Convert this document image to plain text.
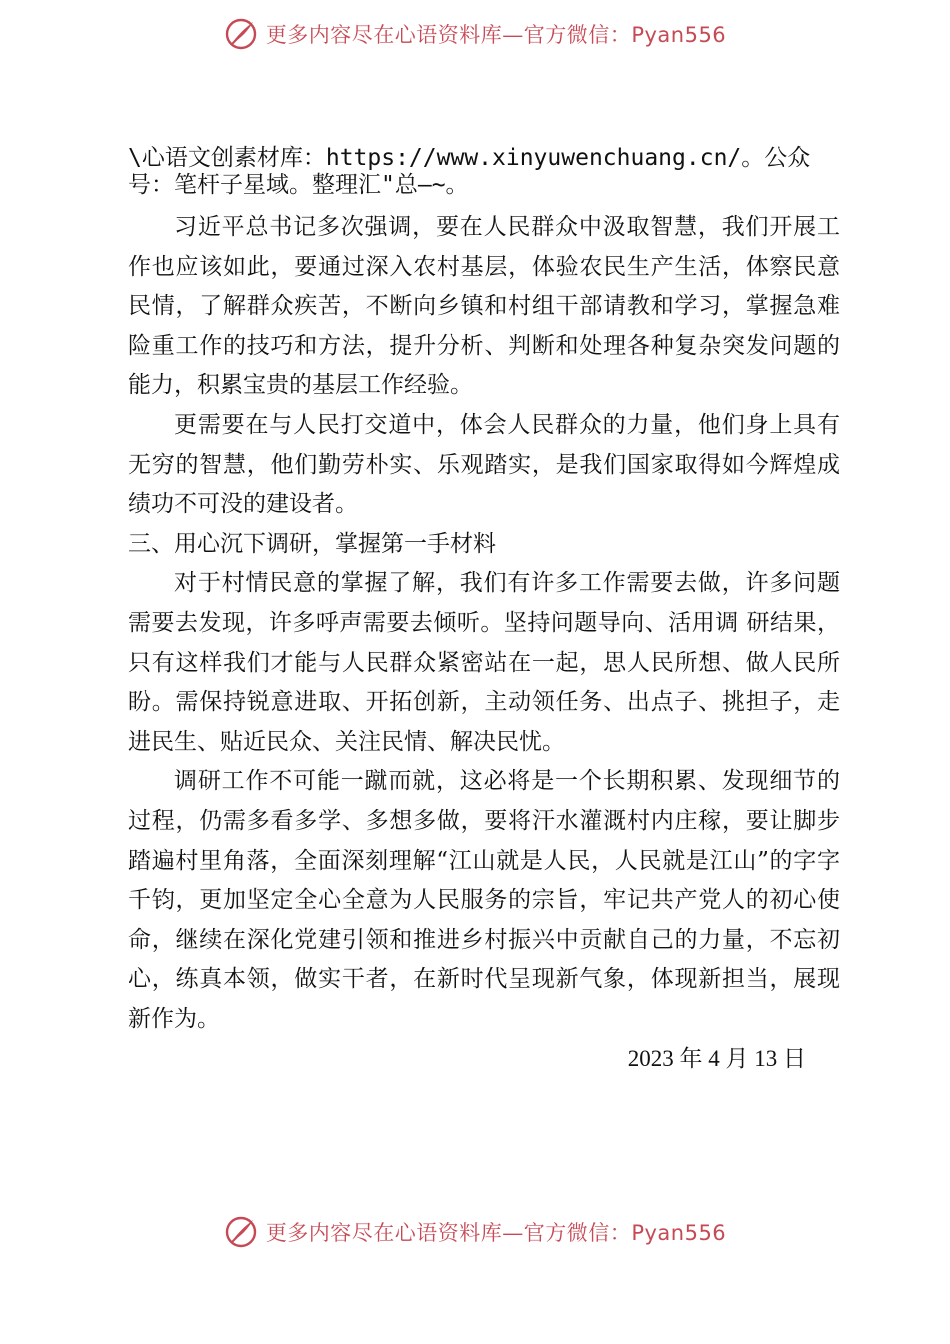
更多内容尽在心语资料库—官方微信：Pyan556
\心语文创素材库：https://www.xinyuwenchuang.cn/。公众号：笔杆子星域。整理汇"总—~。

习近平总书记多次强调，要在人民群众中汲取智慧，我们开展工作也应该如此，要通过深入农村基层，体验农民生产生活，体察民意民情，了解群众疾苦，不断向乡镇和村组干部请教和学习，掌握急难险重工作的技巧和方法，提升分析、判断和处理各种复杂突发问题的能力，积累宝贵的基层工作经验。

更需要在与人民打交道中，体会人民群众的力量，他们身上具有无穷的智慧，他们勤劳朴实、乐观踏实，是我们国家取得如今辉煌成绩功不可没的建设者。

三、用心沉下调研，掌握第一手材料

对于村情民意的掌握了解，我们有许多工作需要去做，许多问题需要去发现，许多呼声需要去倾听。坚持问题导向、活用调 研结果，只有这样我们才能与人民群众紧密站在一起，思人民所想、做人民所盼。需保持锐意进取、开拓创新，主动领任务、出点子、挑担子，走进民生、贴近民众、关注民情、解决民忧。

调研工作不可能一蹴而就，这必将是一个长期积累、发现细节的过程，仍需多看多学、多想多做，要将汗水灌溉村内庄稼，要让脚步踏遍村里角落，全面深刻理解“江山就是人民，人民就是江山”的字字千钧，更加坚定全心全意为人民服务的宗旨，牢记共产党人的初心使命，继续在深化党建引领和推进乡村振兴中贡献自己的力量，不忘初心，练真本领，做实干者，在新时代呈现新气象，体现新担当，展现新作为。

2023 年 4 月 13 日
更多内容尽在心语资料库—官方微信：Pyan556
